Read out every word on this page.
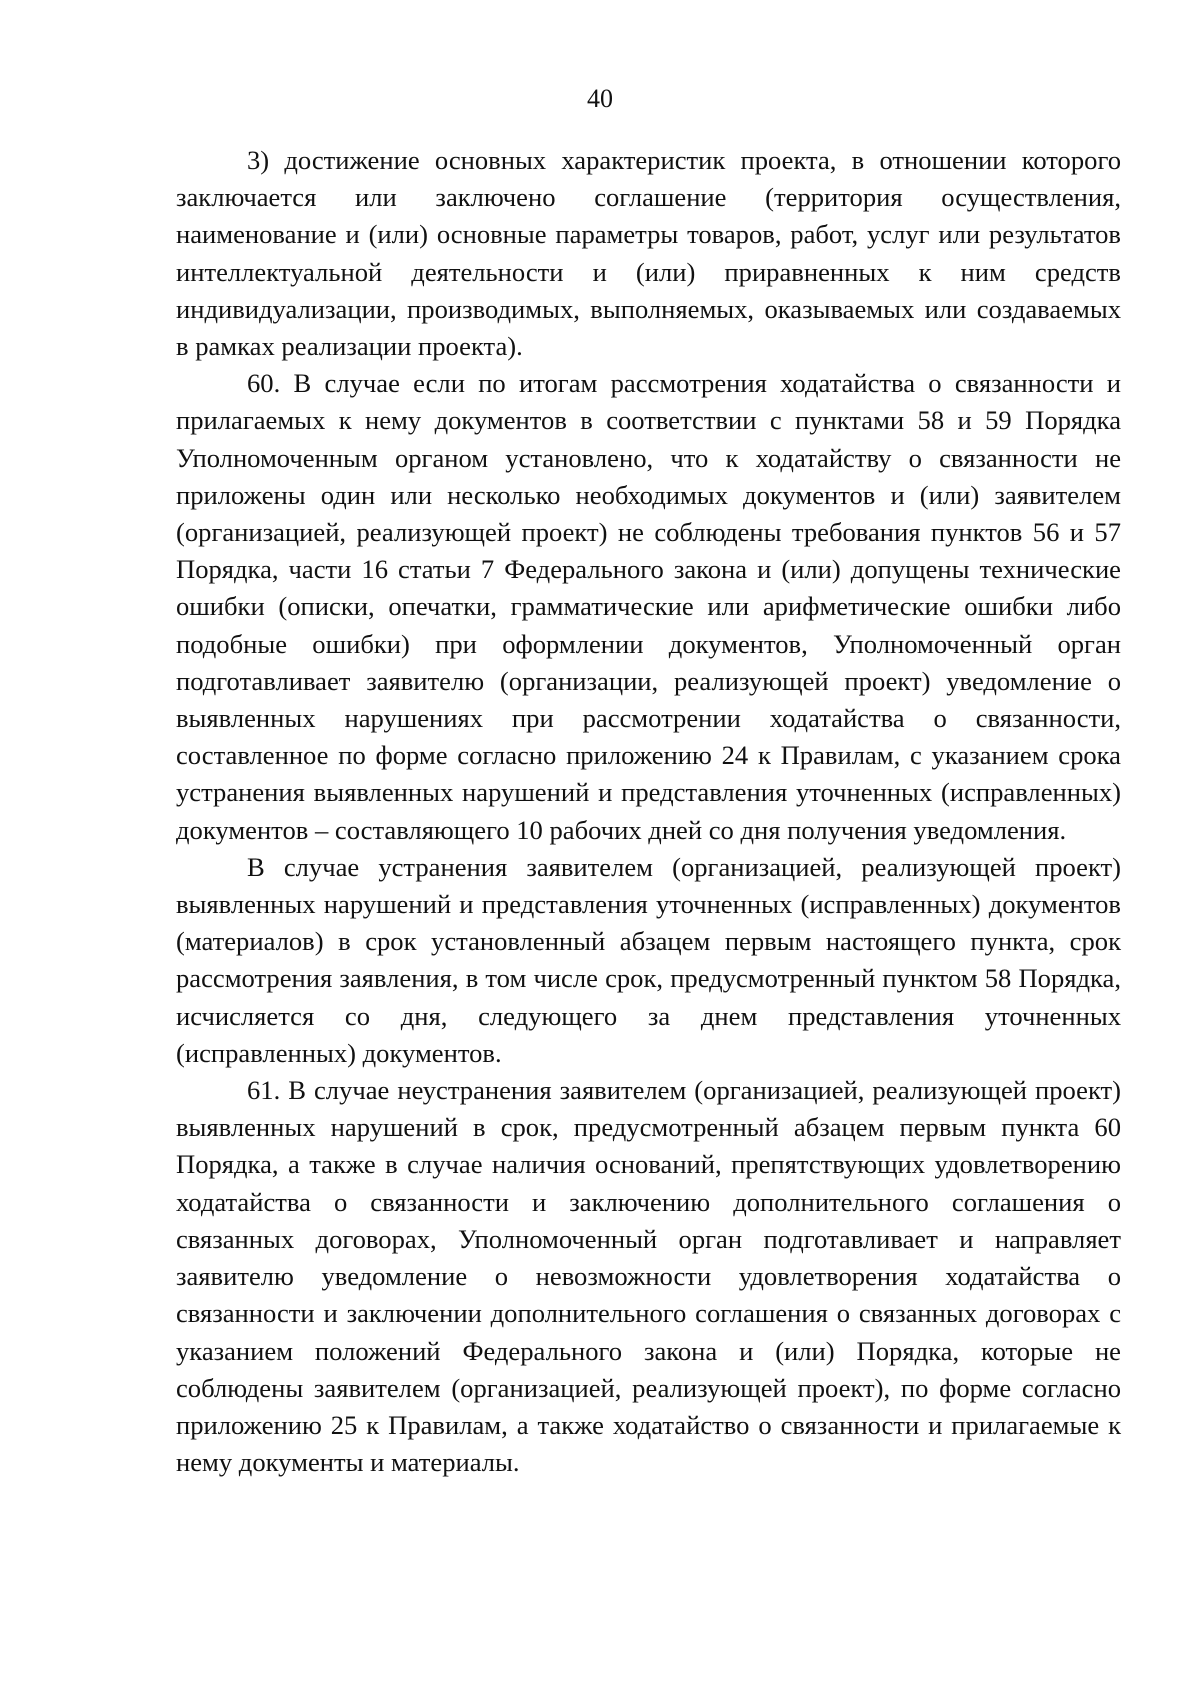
40

3) достижение основных характеристик проекта, в отношении которого заключается или заключено соглашение (территория осуществления, наименование и (или) основные параметры товаров, работ, услуг или результатов интеллектуальной деятельности и (или) приравненных к ним средств индивидуализации, производимых, выполняемых, оказываемых или создаваемых в рамках реализации проекта).

60. В случае если по итогам рассмотрения ходатайства о связанности и прилагаемых к нему документов в соответствии с пунктами 58 и 59 Порядка Уполномоченным органом установлено, что к ходатайству о связанности не приложены один или несколько необходимых документов и (или) заявителем (организацией, реализующей проект) не соблюдены требования пунктов 56 и 57 Порядка, части 16 статьи 7 Федерального закона и (или) допущены технические ошибки (описки, опечатки, грамматические или арифметические ошибки либо подобные ошибки) при оформлении документов, Уполномоченный орган подготавливает заявителю (организации, реализующей проект) уведомление о выявленных нарушениях при рассмотрении ходатайства о связанности, составленное по форме согласно приложению 24 к Правилам, с указанием срока устранения выявленных нарушений и представления уточненных (исправленных) документов – составляющего 10 рабочих дней со дня получения уведомления.

В случае устранения заявителем (организацией, реализующей проект) выявленных нарушений и представления уточненных (исправленных) документов (материалов) в срок установленный абзацем первым настоящего пункта, срок рассмотрения заявления, в том числе срок, предусмотренный пунктом 58 Порядка, исчисляется со дня, следующего за днем представления уточненных (исправленных) документов.

61. В случае неустранения заявителем (организацией, реализующей проект) выявленных нарушений в срок, предусмотренный абзацем первым пункта 60 Порядка, а также в случае наличия оснований, препятствующих удовлетворению ходатайства о связанности и заключению дополнительного соглашения о связанных договорах, Уполномоченный орган подготавливает и направляет заявителю уведомление о невозможности удовлетворения ходатайства о связанности и заключении дополнительного соглашения о связанных договорах с указанием положений Федерального закона и (или) Порядка, которые не соблюдены заявителем (организацией, реализующей проект), по форме согласно приложению 25 к Правилам, а также ходатайство о связанности и прилагаемые к нему документы и материалы.
